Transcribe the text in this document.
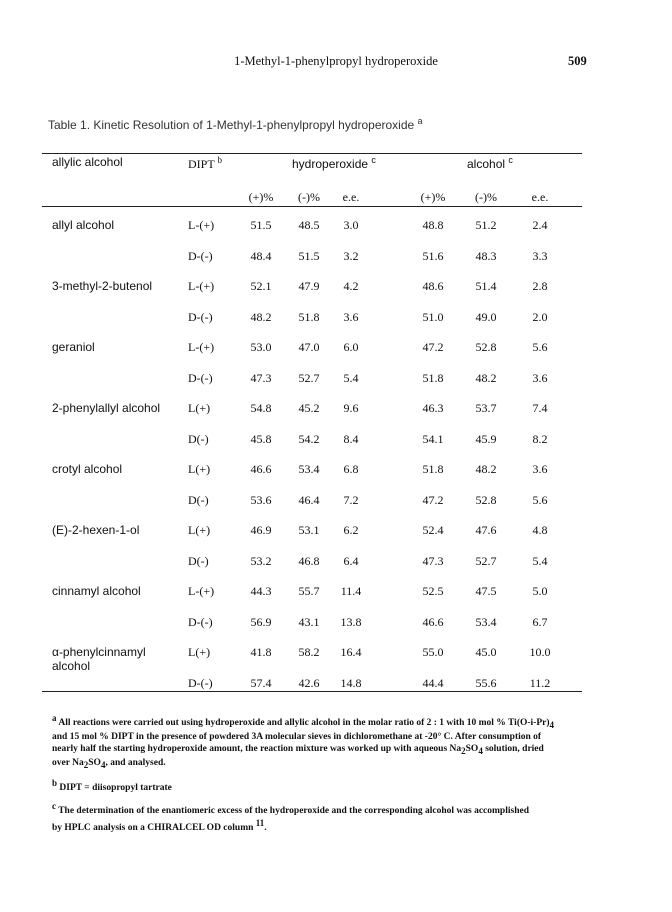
1-Methyl-1-phenylpropyl hydroperoxide	509
Table 1. Kinetic Resolution of 1-Methyl-1-phenylpropyl hydroperoxide $^a$
allylic alcohol	DIPT $^b$	hydroperoxide $^c$	alcohol $^c$
(+)%	(-)%	e.e.	(+)%	(-)%	e.e.
allyl alcohol	L-(+)	51.5	48.5	3.0	48.8	51.2	2.4
D-(-)	48.4	51.5	3.2	51.6	48.3	3.3
3-methyl-2-butenol	L-(+)	52.1	47.9	4.2	48.6	51.4	2.8
D-(-)	48.2	51.8	3.6	51.0	49.0	2.0
geraniol	L-(+)	53.0	47.0	6.0	47.2	52.8	5.6
D-(-)	47.3	52.7	5.4	51.8	48.2	3.6
2-phenylallyl alcohol L(+)	54.8	45.2	9.6	46.3	53.7	7.4
D(-)	45.8	54.2	8.4	54.1	45.9	8.2
crotyl alcohol	L(+)	46.6	53.4	6.8	51.8	48.2	3.6
D(-)	53.6	46.4	7.2	47.2	52.8	5.6
(E)-2-hexen-1-ol	L(+)	46.9	53.1	6.2	52.4	47.6	4.8
D(-)	53.2	46.8	6.4	47.3	52.7	5.4
cinnamyl alcohol	L-(+)	44.3	55.7	11.4	52.5	47.5	5.0
D-(-)	56.9	43.1	13.8	46.6	53.4	6.7
α-phenylcinnamyl
alcohol
L(+)	41.8	58.2	16.4	55.0	45.0	10.0
D-(-)	57.4	42.6	14.8	44.4	55.6	11.2

a All reactions were carried out using hydroperoxide and allylic alcohol in the molar ratio of 2 : 1 with 10 mol % Ti(O-i-Pr)4
and 15 mol % DIPT in the presence of powdered 3A molecular sieves in dichloromethane at -20° C. After consumption of
nearly half the starting hydroperoxide amount, the reaction mixture was worked up with aqueous Na2SO4 solution, dried
over Na2SO4, and analysed.

b DIPT = diisopropyl tartrate

c The determination of the enantiomeric excess of the hydroperoxide and the corresponding alcohol was accomplished
by HPLC analysis on a CHIRALCEL OD column 11.
